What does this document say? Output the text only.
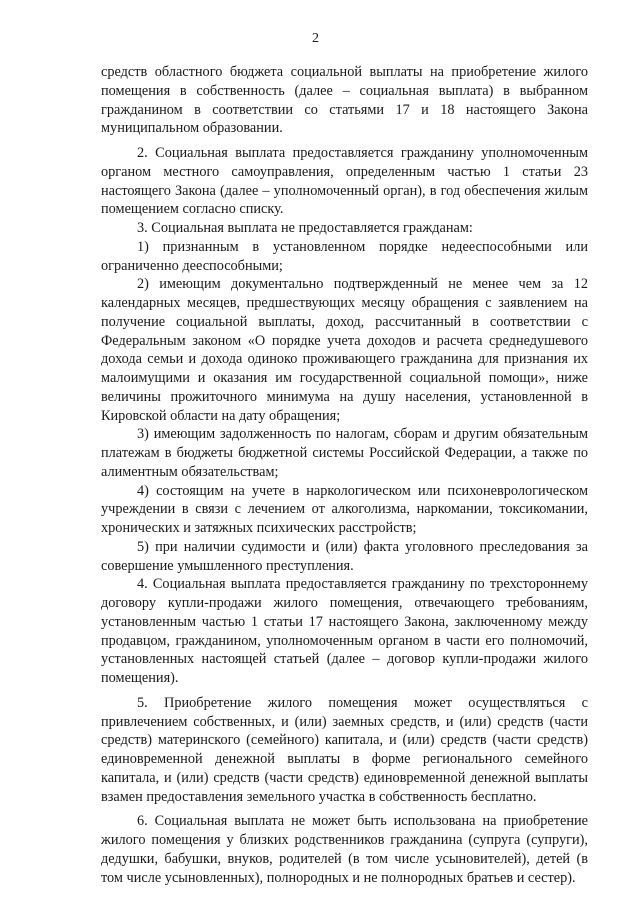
2

средств областного бюджета социальной выплаты на приобретение жилого помещения в собственность (далее – социальная выплата) в выбранном гражданином в соответствии со статьями 17 и 18 настоящего Закона муниципальном образовании.

2. Социальная выплата предоставляется гражданину уполномоченным органом местного самоуправления, определенным частью 1 статьи 23 настоящего Закона (далее – уполномоченный орган), в год обеспечения жилым помещением согласно списку.

3. Социальная выплата не предоставляется гражданам:

1) признанным в установленном порядке недееспособными или ограниченно дееспособными;

2) имеющим документально подтвержденный не менее чем за 12 календарных месяцев, предшествующих месяцу обращения с заявлением на получение социальной выплаты, доход, рассчитанный в соответствии с Федеральным законом «О порядке учета доходов и расчета среднедушевого дохода семьи и дохода одиноко проживающего гражданина для признания их малоимущими и оказания им государственной социальной помощи», ниже величины прожиточного минимума на душу населения, установленной в Кировской области на дату обращения;

3) имеющим задолженность по налогам, сборам и другим обязательным платежам в бюджеты бюджетной системы Российской Федерации, а также по алиментным обязательствам;

4) состоящим на учете в наркологическом или психоневрологическом учреждении в связи с лечением от алкоголизма, наркомании, токсикомании, хронических и затяжных психических расстройств;

5) при наличии судимости и (или) факта уголовного преследования за совершение умышленного преступления.

4. Социальная выплата предоставляется гражданину по трехстороннему договору купли-продажи жилого помещения, отвечающего требованиям, установленным частью 1 статьи 17 настоящего Закона, заключенному между продавцом, гражданином, уполномоченным органом в части его полномочий, установленных настоящей статьей (далее – договор купли-продажи жилого помещения).

5. Приобретение жилого помещения может осуществляться с привлечением собственных, и (или) заемных средств, и (или) средств (части средств) материнского (семейного) капитала, и (или) средств (части средств) единовременной денежной выплаты в форме регионального семейного капитала, и (или) средств (части средств) единовременной денежной выплаты взамен предоставления земельного участка в собственность бесплатно.

6. Социальная выплата не может быть использована на приобретение жилого помещения у близких родственников гражданина (супруга (супруги), дедушки, бабушки, внуков, родителей (в том числе усыновителей), детей (в том числе усыновленных), полнородных и не полнородных братьев и сестер).
